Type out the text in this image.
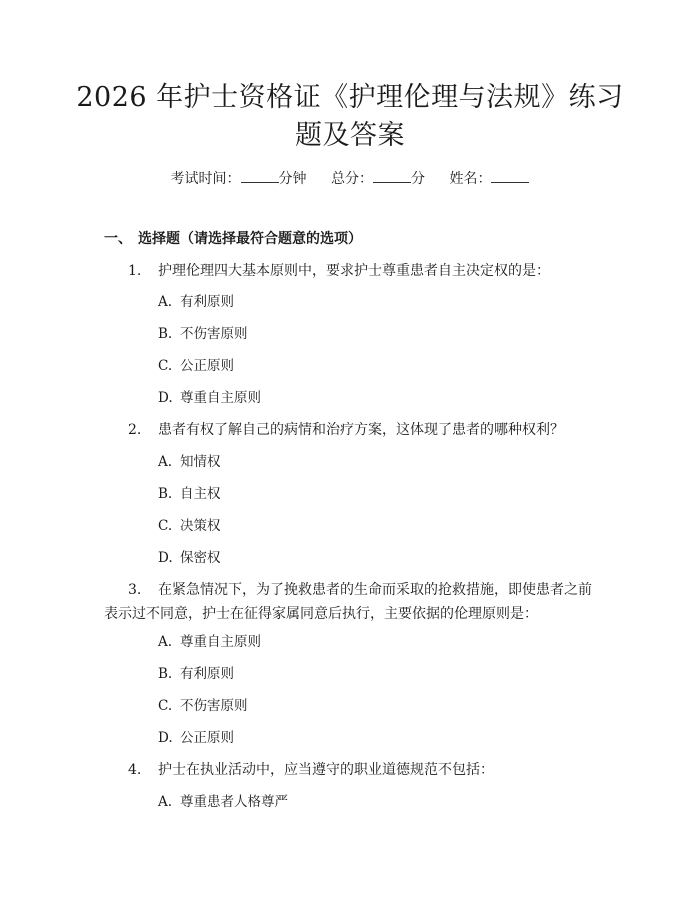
2026 年护士资格证《护理伦理与法规》练习
题及答案
考试时间：	分钟 总分：	分 姓名：
一、 选择题（请选择最符合题意的选项）
1. 护理伦理四大基本原则中，要求护士尊重患者自主决定权的是：
A. 有利原则
B. 不伤害原则
C. 公正原则
D. 尊重自主原则
2. 患者有权了解自己的病情和治疗方案，这体现了患者的哪种权利？
A. 知情权
B. 自主权
C. 决策权
D. 保密权
3. 在紧急情况下，为了挽救患者的生命而采取的抢救措施，即使患者之前表示过不同意，护士在征得家属同意后执行，主要依据的伦理原则是：
A. 尊重自主原则
B. 有利原则
C. 不伤害原则
D. 公正原则
4. 护士在执业活动中，应当遵守的职业道德规范不包括：
A. 尊重患者人格尊严
